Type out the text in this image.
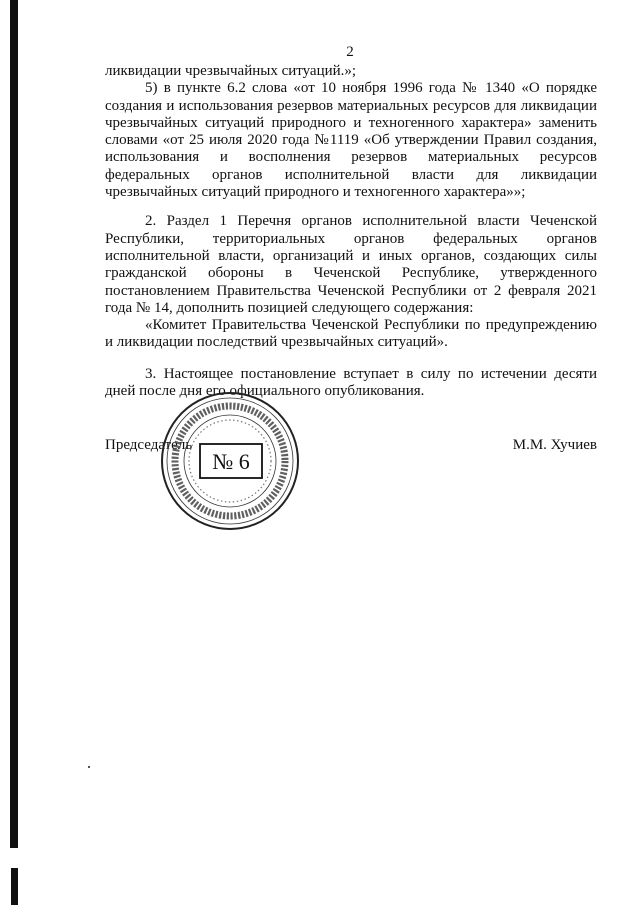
2

ликвидации чрезвычайных ситуаций.»;

5) в пункте 6.2 слова «от 10 ноября 1996 года № 1340 «О порядке создания и использования резервов материальных ресурсов для ликвидации чрезвычайных ситуаций природного и техногенного характера» заменить словами «от 25 июля 2020 года №1119 «Об утверждении Правил создания, использования и восполнения резервов материальных ресурсов федеральных органов исполнительной власти для ликвидации чрезвычайных ситуаций природного и техногенного характера»»;

2. Раздел 1 Перечня органов исполнительной власти Чеченской Республики, территориальных органов федеральных органов исполнительной власти, организаций и иных органов, создающих силы гражданской обороны в Чеченской Республике, утвержденного постановлением Правительства Чеченской Республики от 2 февраля 2021 года № 14, дополнить позицией следующего содержания:

«Комитет Правительства Чеченской Республики по предупреждению и ликвидации последствий чрезвычайных ситуаций».

3. Настоящее постановление вступает в силу по истечении десяти дней после дня его официального опубликования.

Председатель	М.М. Хучиев
№ 6
